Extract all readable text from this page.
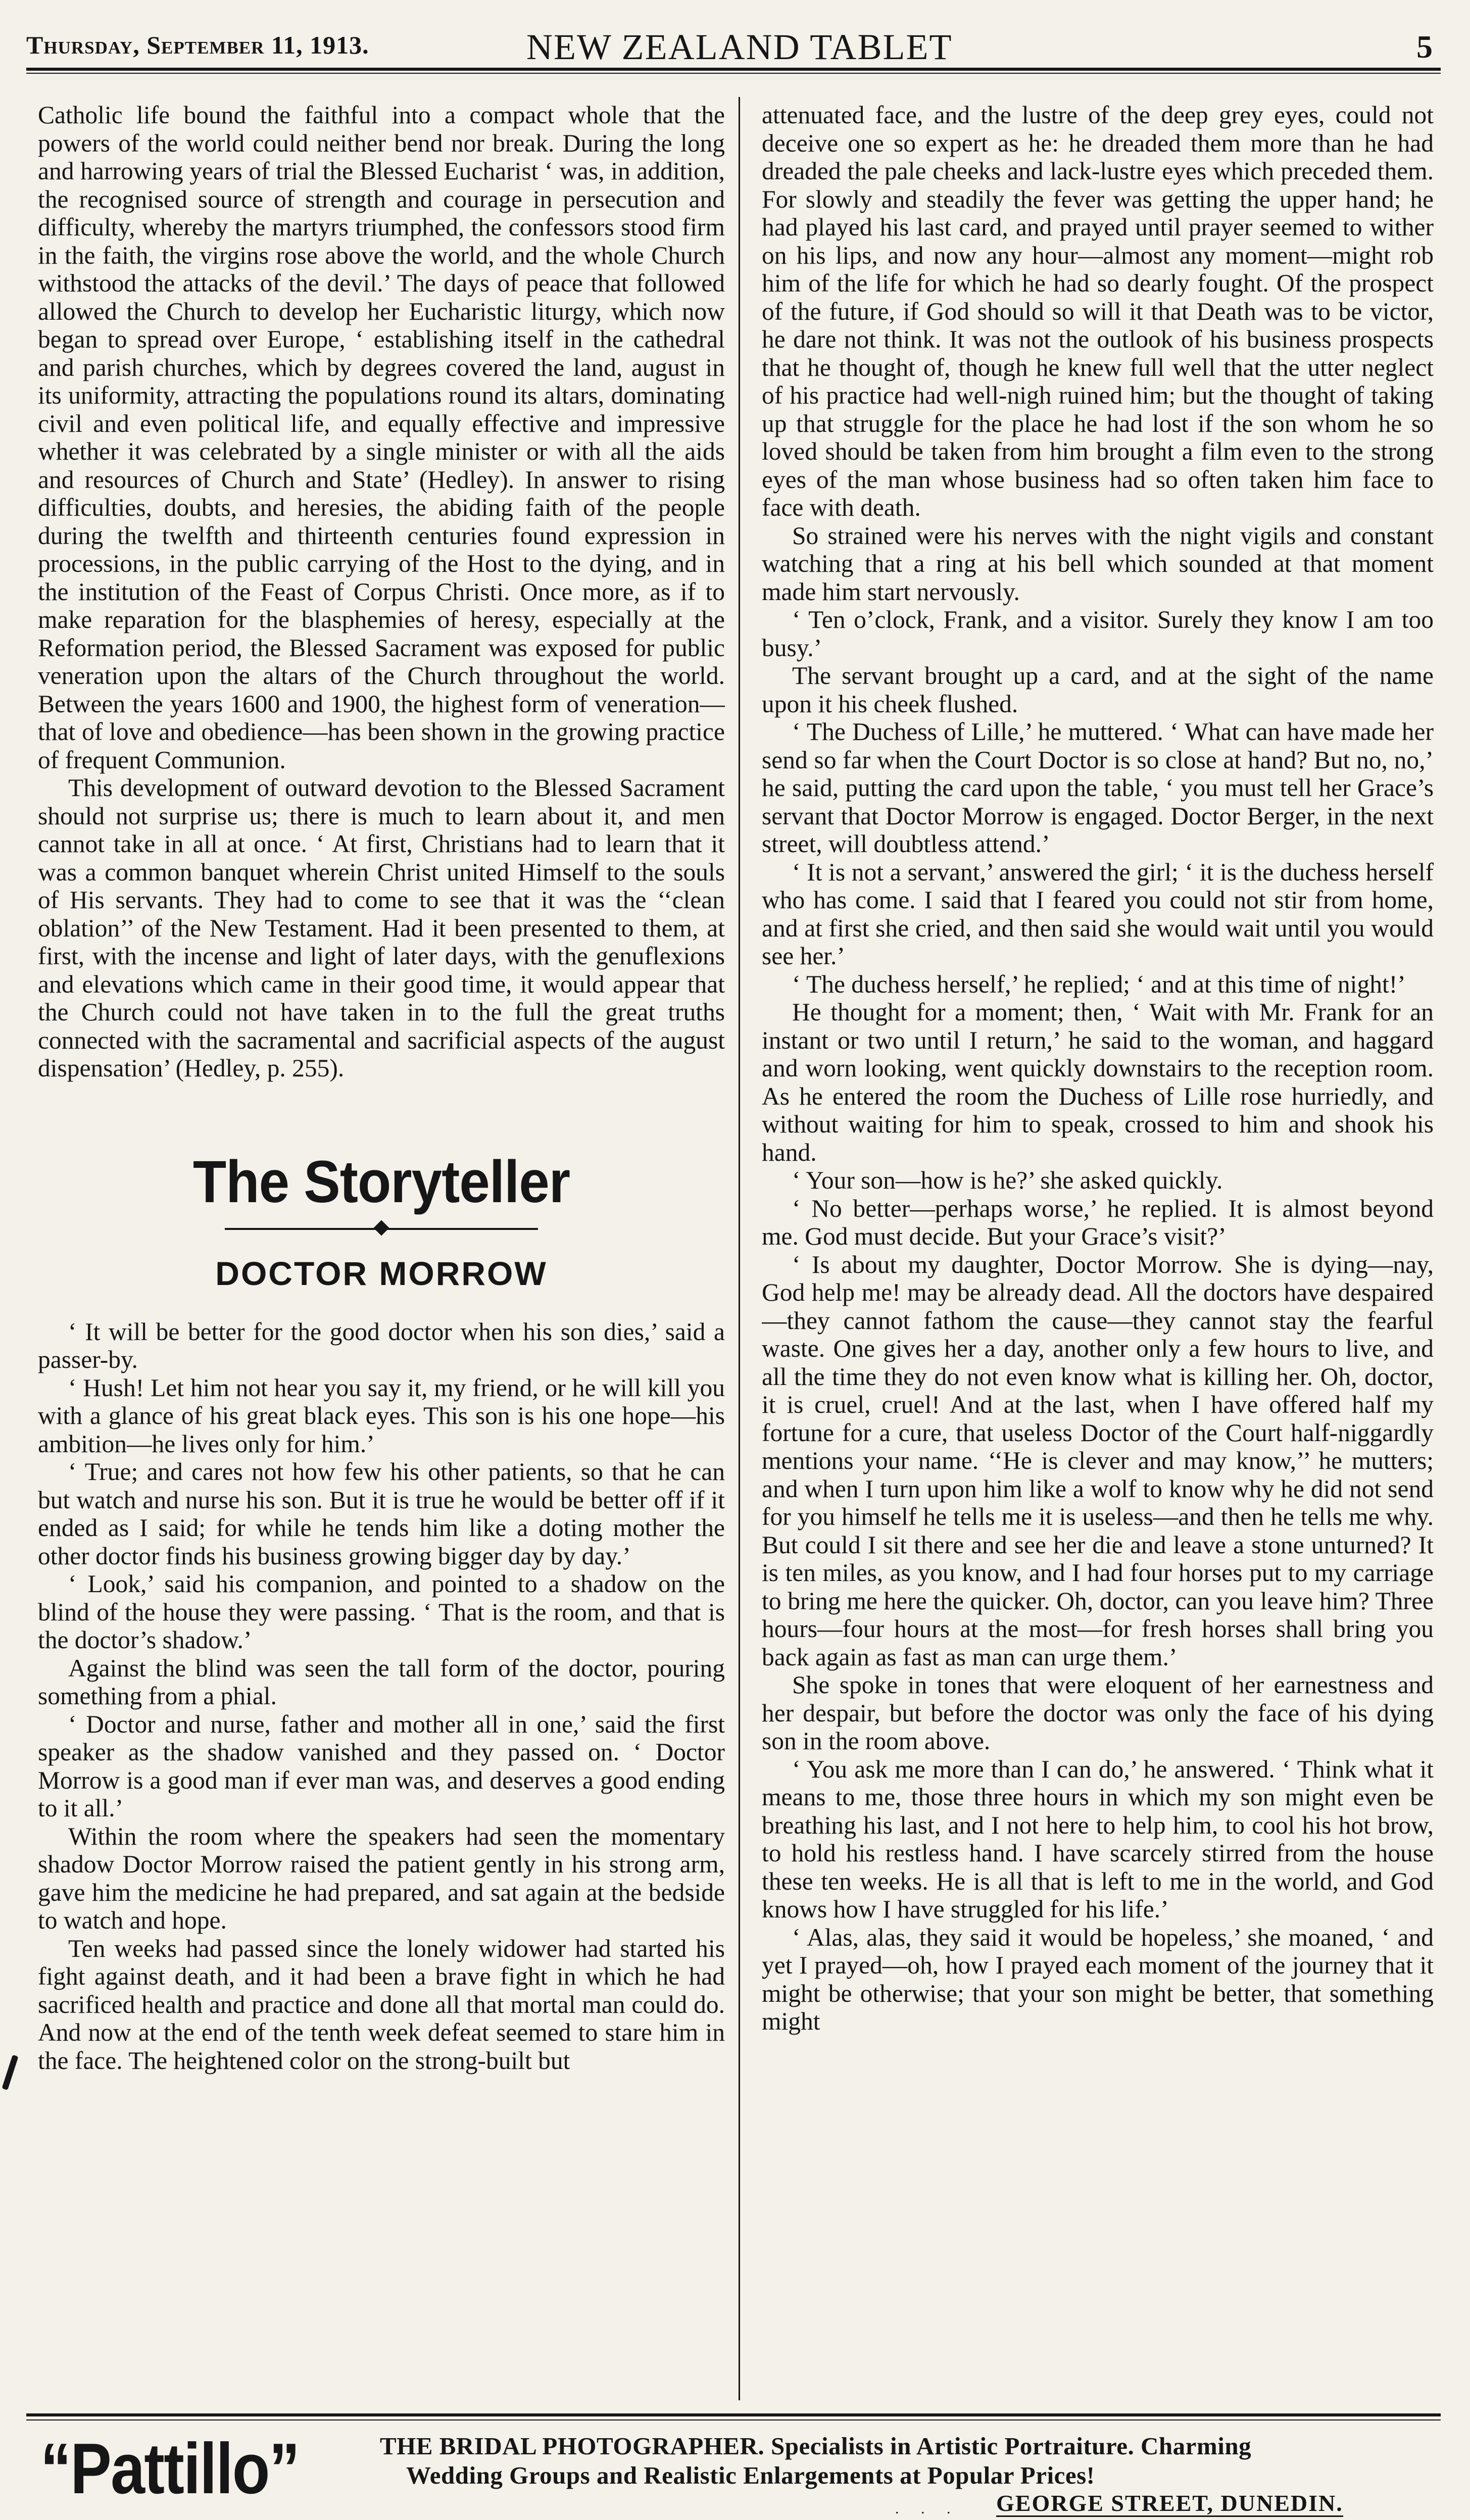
Thursday, September 11, 1913.	NEW ZEALAND TABLET	5

Catholic life bound the faithful into a compact whole that the powers of the world could neither bend nor break. During the long and harrowing years of trial the Blessed Eucharist ‘ was, in addition, the recognised source of strength and courage in persecution and difficulty, whereby the martyrs triumphed, the confessors stood firm in the faith, the virgins rose above the world, and the whole Church withstood the attacks of the devil.’ The days of peace that followed allowed the Church to develop her Eucharistic liturgy, which now began to spread over Europe, ‘ establishing itself in the cathedral and parish churches, which by degrees covered the land, august in its uniformity, attracting the populations round its altars, dominating civil and even political life, and equally effective and impressive whether it was celebrated by a single minister or with all the aids and resources of Church and State’ (Hedley). In answer to rising difficulties, doubts, and heresies, the abiding faith of the people during the twelfth and thirteenth centuries found expression in processions, in the public carrying of the Host to the dying, and in the institution of the Feast of Corpus Christi. Once more, as if to make reparation for the blasphemies of heresy, especially at the Reformation period, the Blessed Sacrament was exposed for public veneration upon the altars of the Church throughout the world. Between the years 1600 and 1900, the highest form of veneration—that of love and obedience—has been shown in the growing practice of frequent Communion.

This development of outward devotion to the Blessed Sacrament should not surprise us; there is much to learn about it, and men cannot take in all at once. ‘ At first, Christians had to learn that it was a common banquet wherein Christ united Himself to the souls of His servants. They had to come to see that it was the ‘‘clean oblation’’ of the New Testament. Had it been presented to them, at first, with the incense and light of later days, with the genuflexions and elevations which came in their good time, it would appear that the Church could not have taken in to the full the great truths connected with the sacramental and sacrificial aspects of the august dispensation’ (Hedley, p. 255).

The Storyteller
DOCTOR MORROW

‘ It will be better for the good doctor when his son dies,’ said a passer-by.

‘ Hush! Let him not hear you say it, my friend, or he will kill you with a glance of his great black eyes. This son is his one hope—his ambition—he lives only for him.’

‘ True; and cares not how few his other patients, so that he can but watch and nurse his son. But it is true he would be better off if it ended as I said; for while he tends him like a doting mother the other doctor finds his business growing bigger day by day.’

‘ Look,’ said his companion, and pointed to a shadow on the blind of the house they were passing. ‘ That is the room, and that is the doctor’s shadow.’

Against the blind was seen the tall form of the doctor, pouring something from a phial.

‘ Doctor and nurse, father and mother all in one,’ said the first speaker as the shadow vanished and they passed on. ‘ Doctor Morrow is a good man if ever man was, and deserves a good ending to it all.’

Within the room where the speakers had seen the momentary shadow Doctor Morrow raised the patient gently in his strong arm, gave him the medicine he had prepared, and sat again at the bedside to watch and hope.

Ten weeks had passed since the lonely widower had started his fight against death, and it had been a brave fight in which he had sacrificed health and practice and done all that mortal man could do. And now at the end of the tenth week defeat seemed to stare him in the face. The heightened color on the strong-built but

attenuated face, and the lustre of the deep grey eyes, could not deceive one so expert as he: he dreaded them more than he had dreaded the pale cheeks and lack-lustre eyes which preceded them. For slowly and steadily the fever was getting the upper hand; he had played his last card, and prayed until prayer seemed to wither on his lips, and now any hour—almost any moment—might rob him of the life for which he had so dearly fought. Of the prospect of the future, if God should so will it that Death was to be victor, he dare not think. It was not the outlook of his business prospects that he thought of, though he knew full well that the utter neglect of his practice had well-nigh ruined him; but the thought of taking up that struggle for the place he had lost if the son whom he so loved should be taken from him brought a film even to the strong eyes of the man whose business had so often taken him face to face with death.

So strained were his nerves with the night vigils and constant watching that a ring at his bell which sounded at that moment made him start nervously.

‘ Ten o’clock, Frank, and a visitor. Surely they know I am too busy.’

The servant brought up a card, and at the sight of the name upon it his cheek flushed.

‘ The Duchess of Lille,’ he muttered. ‘ What can have made her send so far when the Court Doctor is so close at hand? But no, no,’ he said, putting the card upon the table, ‘ you must tell her Grace’s servant that Doctor Morrow is engaged. Doctor Berger, in the next street, will doubtless attend.’

‘ It is not a servant,’ answered the girl; ‘ it is the duchess herself who has come. I said that I feared you could not stir from home, and at first she cried, and then said she would wait until you would see her.’

‘ The duchess herself,’ he replied; ‘ and at this time of night!’

He thought for a moment; then, ‘ Wait with Mr. Frank for an instant or two until I return,’ he said to the woman, and haggard and worn looking, went quickly downstairs to the reception room. As he entered the room the Duchess of Lille rose hurriedly, and without waiting for him to speak, crossed to him and shook his hand.

‘ Your son—how is he?’ she asked quickly.

‘ No better—perhaps worse,’ he replied. It is almost beyond me. God must decide. But your Grace’s visit?’

‘ Is about my daughter, Doctor Morrow. She is dying—nay, God help me! may be already dead. All the doctors have despaired—they cannot fathom the cause—they cannot stay the fearful waste. One gives her a day, another only a few hours to live, and all the time they do not even know what is killing her. Oh, doctor, it is cruel, cruel! And at the last, when I have offered half my fortune for a cure, that useless Doctor of the Court half-niggardly mentions your name. ‘‘He is clever and may know,’’ he mutters; and when I turn upon him like a wolf to know why he did not send for you himself he tells me it is useless—and then he tells me why. But could I sit there and see her die and leave a stone unturned? It is ten miles, as you know, and I had four horses put to my carriage to bring me here the quicker. Oh, doctor, can you leave him? Three hours—four hours at the most—for fresh horses shall bring you back again as fast as man can urge them.’

She spoke in tones that were eloquent of her earnestness and her despair, but before the doctor was only the face of his dying son in the room above.

‘ You ask me more than I can do,’ he answered. ‘ Think what it means to me, those three hours in which my son might even be breathing his last, and I not here to help him, to cool his hot brow, to hold his restless hand. I have scarcely stirred from the house these ten weeks. He is all that is left to me in the world, and God knows how I have struggled for his life.’

‘ Alas, alas, they said it would be hopeless,’ she moaned, ‘ and yet I prayed—oh, how I prayed each moment of the journey that it might be otherwise; that your son might be better, that something might

“Pattillo”	THE BRIDAL PHOTOGRAPHER. Specialists in Artistic Portraiture. Charming
Wedding Groups and Realistic Enlargements at Popular Prices!
. . . GEORGE STREET, DUNEDIN.
